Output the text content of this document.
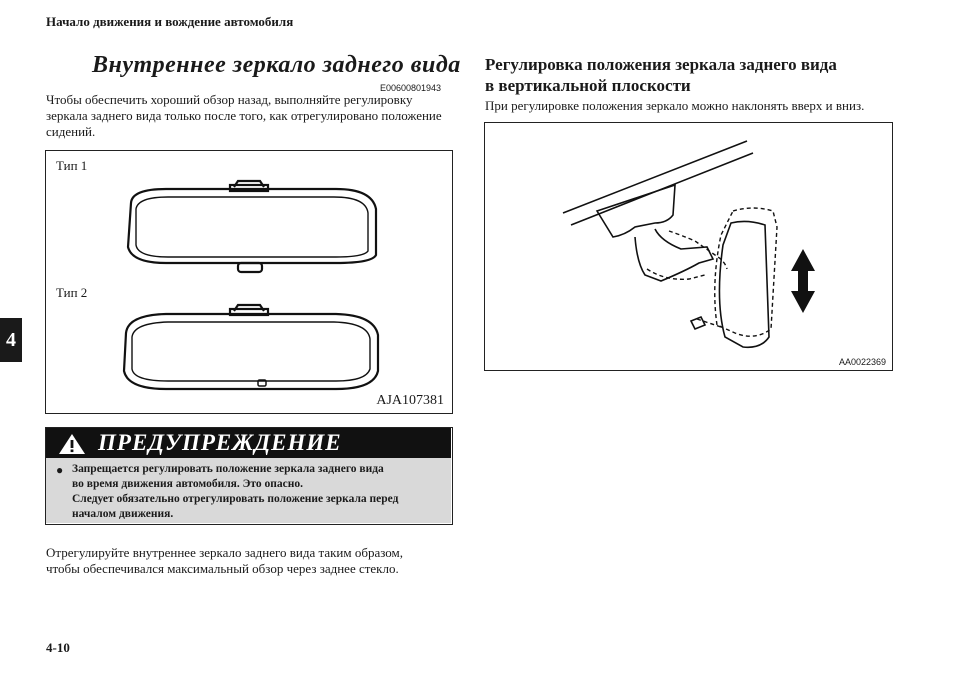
Начало движения и вождение автомобиля
4
Внутреннее зеркало заднего вида
E00600801943
Чтобы обеспечить хороший обзор назад, выполняйте регулировку зеркала заднего вида только после того, как отрегулировано положение сидений.
Тип 1
Тип 2
AJA107381
ПРЕДУПРЕЖДЕНИЕ
● Запрещается регулировать положение зеркала заднего вида
во время движения автомобиля. Это опасно.
Следует обязательно отрегулировать положение зеркала перед
началом движения.
Отрегулируйте внутреннее зеркало заднего вида таким образом,
чтобы обеспечивался максимальный обзор через заднее стекло.
Регулировка положения зеркала заднего вида
в вертикальной плоскости
При регулировке положения зеркало можно наклонять вверх и вниз.
AA0022369
4-10
